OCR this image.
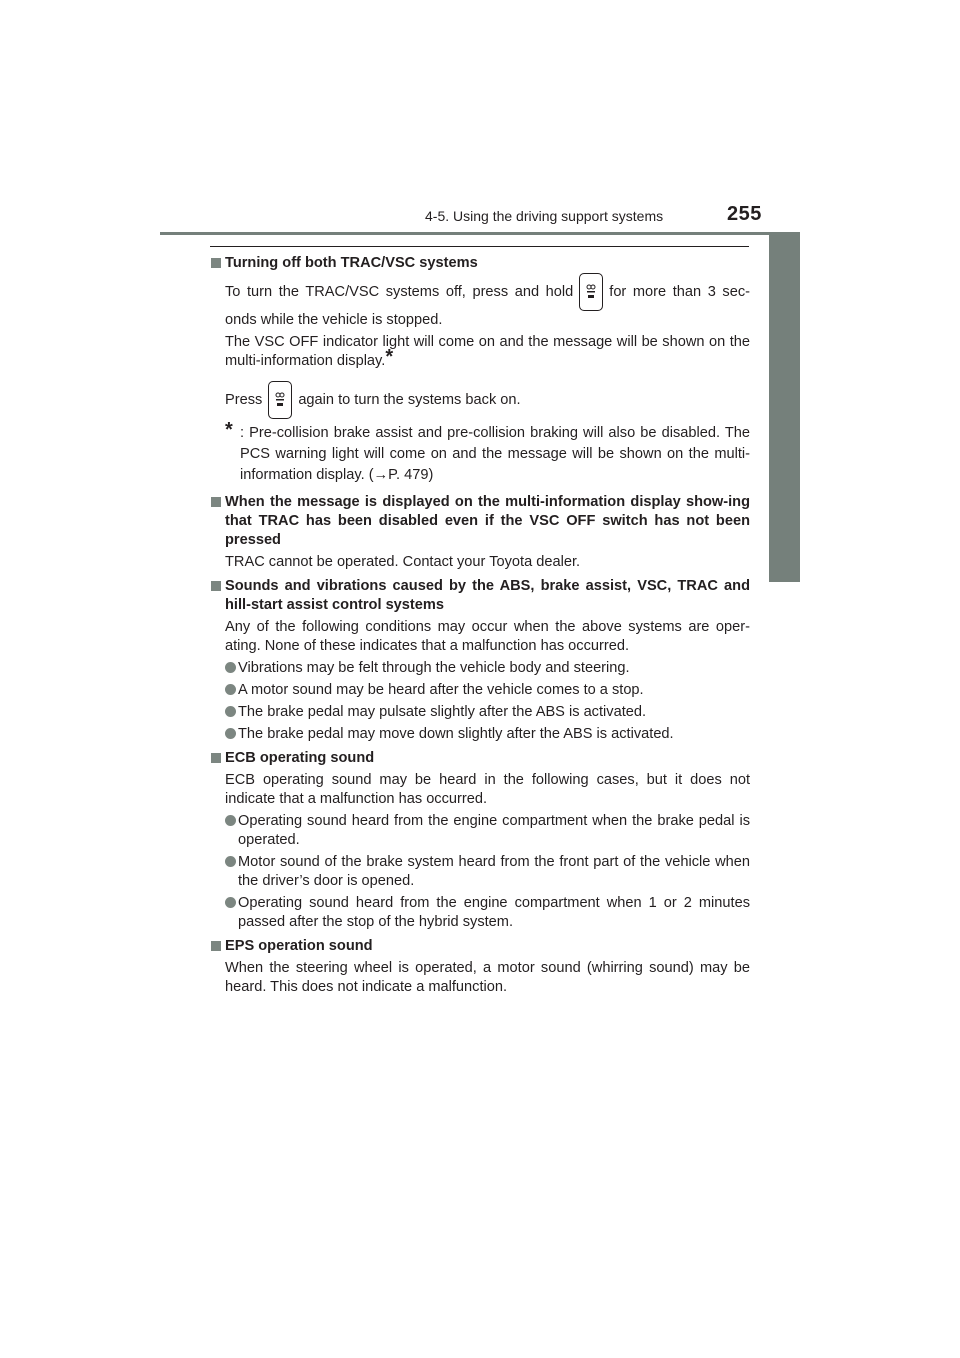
4-5. Using the driving support systems	255
4
Driving
Turning off both TRAC/VSC systems

To turn the TRAC/VSC systems off, press and hold for more than 3 sec-onds while the vehicle is stopped.

The VSC OFF indicator light will come on and the message will be shown on the multi-information display.*

Press again to turn the systems back on.

* : Pre-collision brake assist and pre-collision braking will also be disabled. The PCS warning light will come on and the message will be shown on the multi-information display. (→P. 479)
When the message is displayed on the multi-information display show-ing that TRAC has been disabled even if the VSC OFF switch has not been pressed

TRAC cannot be operated. Contact your Toyota dealer.

Sounds and vibrations caused by the ABS, brake assist, VSC, TRAC and hill-start assist control systems

Any of the following conditions may occur when the above systems are oper-ating. None of these indicates that a malfunction has occurred.

Vibrations may be felt through the vehicle body and steering.
A motor sound may be heard after the vehicle comes to a stop.
The brake pedal may pulsate slightly after the ABS is activated.
The brake pedal may move down slightly after the ABS is activated.
ECB operating sound

ECB operating sound may be heard in the following cases, but it does not indicate that a malfunction has occurred.

Operating sound heard from the engine compartment when the brake pedal is operated.
Motor sound of the brake system heard from the front part of the vehicle when the driver’s door is opened.
Operating sound heard from the engine compartment when 1 or 2 minutes passed after the stop of the hybrid system.
EPS operation sound

When the steering wheel is operated, a motor sound (whirring sound) may be heard. This does not indicate a malfunction.
